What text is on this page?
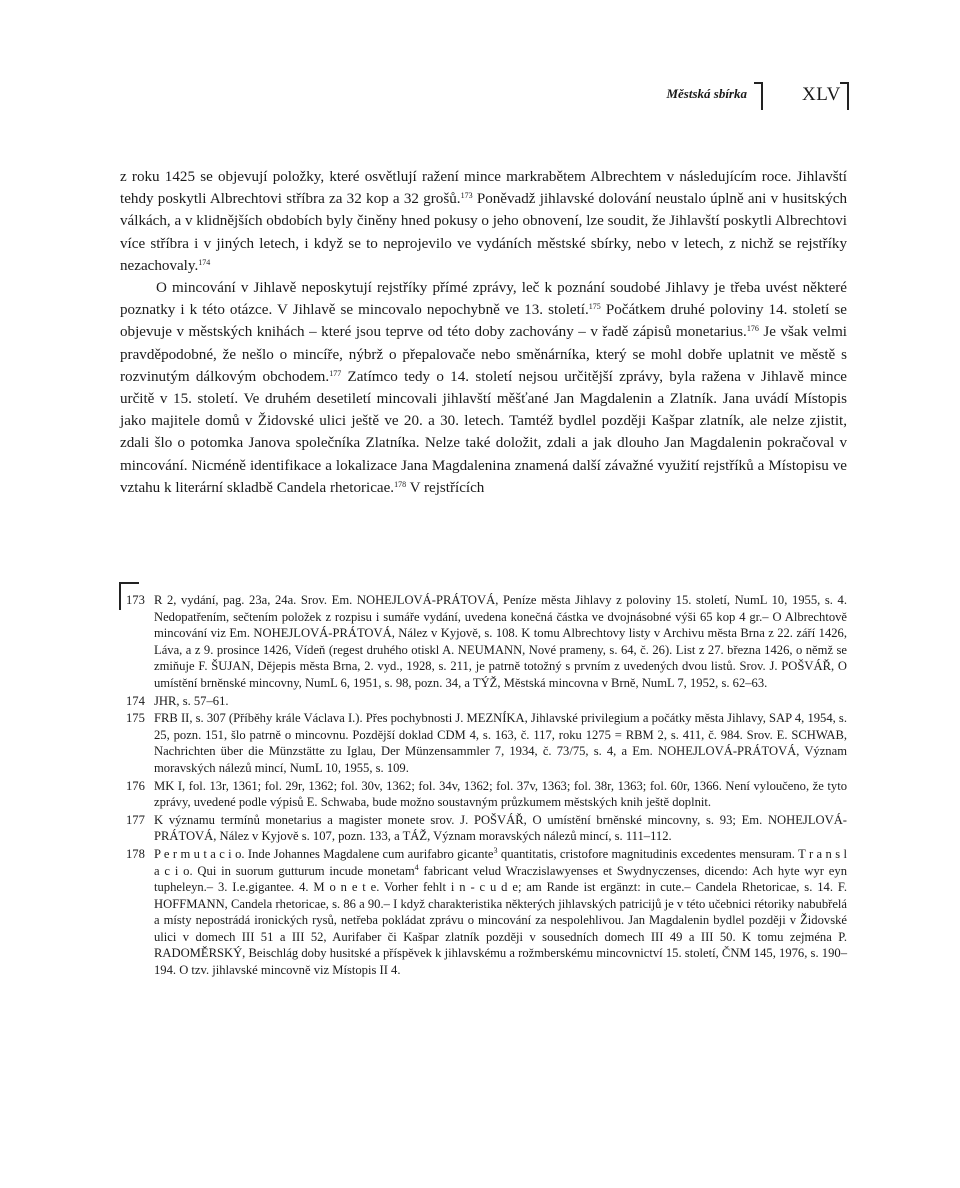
Městská sbírka	XLV

z roku 1425 se objevují položky, které osvětlují ražení mince markrabětem Albrechtem v následujícím roce. Jihlavští tehdy poskytli Albrechtovi stříbra za 32 kop a 32 grošů.$^{173}$ Poněvadž jihlavské dolování neustalo úplně ani v husitských válkách, a v klidnějších obdobích byly činěny hned pokusy o jeho obnovení, lze soudit, že Jihlavští poskytli Albrechtovi více stříbra i v jiných letech, i když se to neprojevilo ve vydáních městské sbírky, nebo v letech, z nichž se rejstříky nezachovaly.$^{174}$

O mincování v Jihlavě neposkytují rejstříky přímé zprávy, leč k poznání soudobé Jihlavy je třeba uvést některé poznatky i k této otázce. V Jihlavě se mincovalo nepochybně ve 13. století.$^{175}$ Počátkem druhé poloviny 14. století se objevuje v městských knihách – které jsou teprve od této doby zachovány – v řadě zápisů monetarius.$^{176}$ Je však velmi pravděpodobné, že nešlo o mincíře, nýbrž o přepalovače nebo směnárníka, který se mohl dobře uplatnit ve městě s rozvinutým dálkovým obchodem.$^{177}$ Zatímco tedy o 14. století nejsou určitější zprávy, byla ražena v Jihlavě mince určitě v 15. století. Ve druhém desetiletí mincovali jihlavští měšťané Jan Magdalenin a Zlatník. Jana uvádí Místopis jako majitele domů v Židovské ulici ještě ve 20. a 30. letech. Tamtéž bydlel později Kašpar zlatník, ale nelze zjistit, zdali šlo o potomka Janova společníka Zlatníka. Nelze také doložit, zdali a jak dlouho Jan Magdalenin pokračoval v mincování. Nicméně identifikace a lokalizace Jana Magdalenina znamená další závažné využití rejstříků a Místopisu ve vztahu k literární skladbě Candela rhetoricae.$^{178}$ V rejstřících

173 R 2, vydání, pag. 23a, 24a. Srov. Em. NOHEJLOVÁ-PRÁTOVÁ, Peníze města Jihlavy z poloviny 15. století, NumL 10, 1955, s. 4. Nedopatřením, sečtením položek z rozpisu i sumáře vydání, uvedena konečná částka ve dvojnásobné výši 65 kop 4 gr.– O Albrechtově mincování viz Em. NOHEJLOVÁ-PRÁTOVÁ, Nález v Kyjově, s. 108. K tomu Albrechtovy listy v Archivu města Brna z 22. září 1426, Láva, a z 9. prosince 1426, Vídeň (regest druhého otiskl A. NEUMANN, Nové prameny, s. 64, č. 26). List z 27. března 1426, o němž se zmiňuje F. ŠUJAN, Dějepis města Brna, 2. vyd., 1928, s. 211, je patrně totožný s prvním z uvedených dvou listů. Srov. J. POŠVÁŘ, O umístění brněnské mincovny, NumL 6, 1951, s. 98, pozn. 34, a TÝŽ, Městská mincovna v Brně, NumL 7, 1952, s. 62–63.
174 JHR, s. 57–61.
175 FRB II, s. 307 (Příběhy krále Václava I.). Přes pochybnosti J. MEZNÍKA, Jihlavské privilegium a počátky města Jihlavy, SAP 4, 1954, s. 25, pozn. 151, šlo patrně o mincovnu. Pozdější doklad CDM 4, s. 163, č. 117, roku 1275 = RBM 2, s. 411, č. 984. Srov. E. SCHWAB, Nachrichten über die Münzstätte zu Iglau, Der Münzensammler 7, 1934, č. 73/75, s. 4, a Em. NOHEJLOVÁ-PRÁTOVÁ, Význam moravských nálezů mincí, NumL 10, 1955, s. 109.
176 MK I, fol. 13r, 1361; fol. 29r, 1362; fol. 30v, 1362; fol. 34v, 1362; fol. 37v, 1363; fol. 38r, 1363; fol. 60r, 1366. Není vyloučeno, že tyto zprávy, uvedené podle výpisů E. Schwaba, bude možno soustavným průzkumem městských knih ještě doplnit.
177 K významu termínů monetarius a magister monete srov. J. POŠVÁŘ, O umístění brněnské mincovny, s. 93; Em. NOHEJLOVÁ-PRÁTOVÁ, Nález v Kyjově s. 107, pozn. 133, a TÁŽ, Význam moravských nálezů mincí, s. 111–112.
178 P e r m u t a c i o. Inde Johannes Magdalene cum aurifabro gicante$^3$ quantitatis, cristofore magnitudinis excedentes mensuram. T r a n s l a c i o. Qui in suorum gutturum incude monetam$^4$ fabricant velud Wraczislawyenses et Swydnyczenses, dicendo: Ach hyte wyr eyn tupheleyn.– 3. I.e.gigantee. 4. M o n e t e. Vorher fehlt i n - c u d e; am Rande ist ergänzt: in cute.– Candela Rhetoricae, s. 14. F. HOFFMANN, Candela rhetoricae, s. 86 a 90.– I když charakteristika některých jihlavských patricijů je v této učebnici rétoriky nabubřelá a místy nepostrádá ironických rysů, netřeba pokládat zprávu o mincování za nespolehlivou. Jan Magdalenin bydlel později v Židovské ulici v domech III 51 a III 52, Aurifaber či Kašpar zlatník později v sousedních domech III 49 a III 50. K tomu zejména P. RADOMĚRSKÝ, Beischlág doby husitské a příspěvek k jihlavskému a rožmberskému mincovnictví 15. století, ČNM 145, 1976, s. 190–194. O tzv. jihlavské mincovně viz Místopis II 4.
